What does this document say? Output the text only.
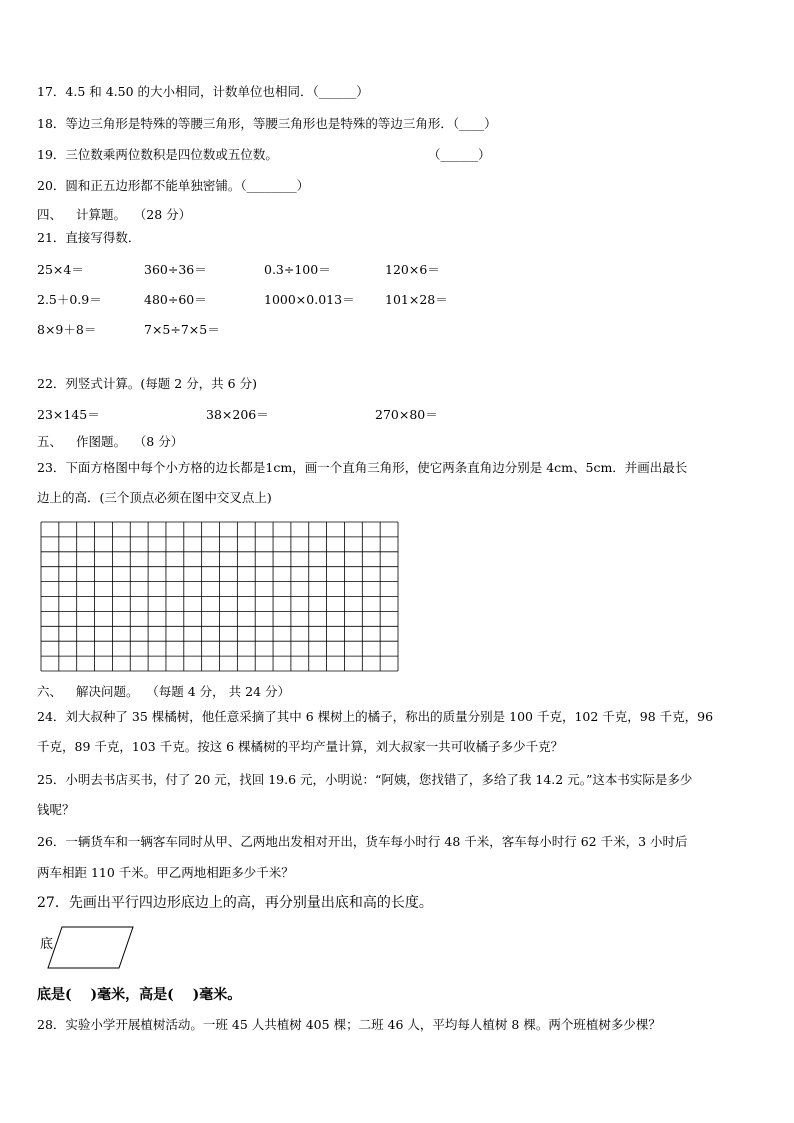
17．4.5 和 4.50 的大小相同，计数单位也相同．（______）
18．等边三角形是特殊的等腰三角形，等腰三角形也是特殊的等边三角形．（____）
19．三位数乘两位数积是四位数或五位数。	（______）
20．圆和正五边形都不能单独密铺。（________）
四、 计算题。 （28 分）
21．直接写得数．
25×4＝	360÷36＝	0.3÷100＝	120×6＝
2.5＋0.9＝	480÷60＝	1000×0.013＝ 101×28＝
8×9＋8＝	7×5÷7×5＝
22．列竖式计算。(每题 2 分，共 6 分)
23×145＝	38×206＝	270×80＝
五、 作图题。 （8 分）
23．下面方格图中每个小方格的边长都是1cm，画一个直角三角形，使它两条直角边分别是 4cm、5cm．并画出最长
边上的高．(三个顶点必须在图中交叉点上)
六、 解决问题。 （每题 4 分， 共 24 分）
24．刘大叔种了 35 棵橘树，他任意采摘了其中 6 棵树上的橘子，称出的质量分别是 100 千克，102 千克，98 千克，96
千克，89 千克，103 千克。按这 6 棵橘树的平均产量计算，刘大叔家一共可收橘子多少千克？
25．小明去书店买书，付了 20 元，找回 19.6 元，小明说：“阿姨，您找错了，多给了我 14.2 元。”这本书实际是多少
钱呢？
26．一辆货车和一辆客车同时从甲、乙两地出发相对开出，货车每小时行 48 千米，客车每小时行 62 千米，3 小时后
两车相距 110 千米。甲乙两地相距多少千米？
27．先画出平行四边形底边上的高，再分别量出底和高的长度。
底
底是(　 )毫米，高是(　 )毫米。
28．实验小学开展植树活动。一班 45 人共植树 405 棵；二班 46 人，平均每人植树 8 棵。两个班植树多少棵？
